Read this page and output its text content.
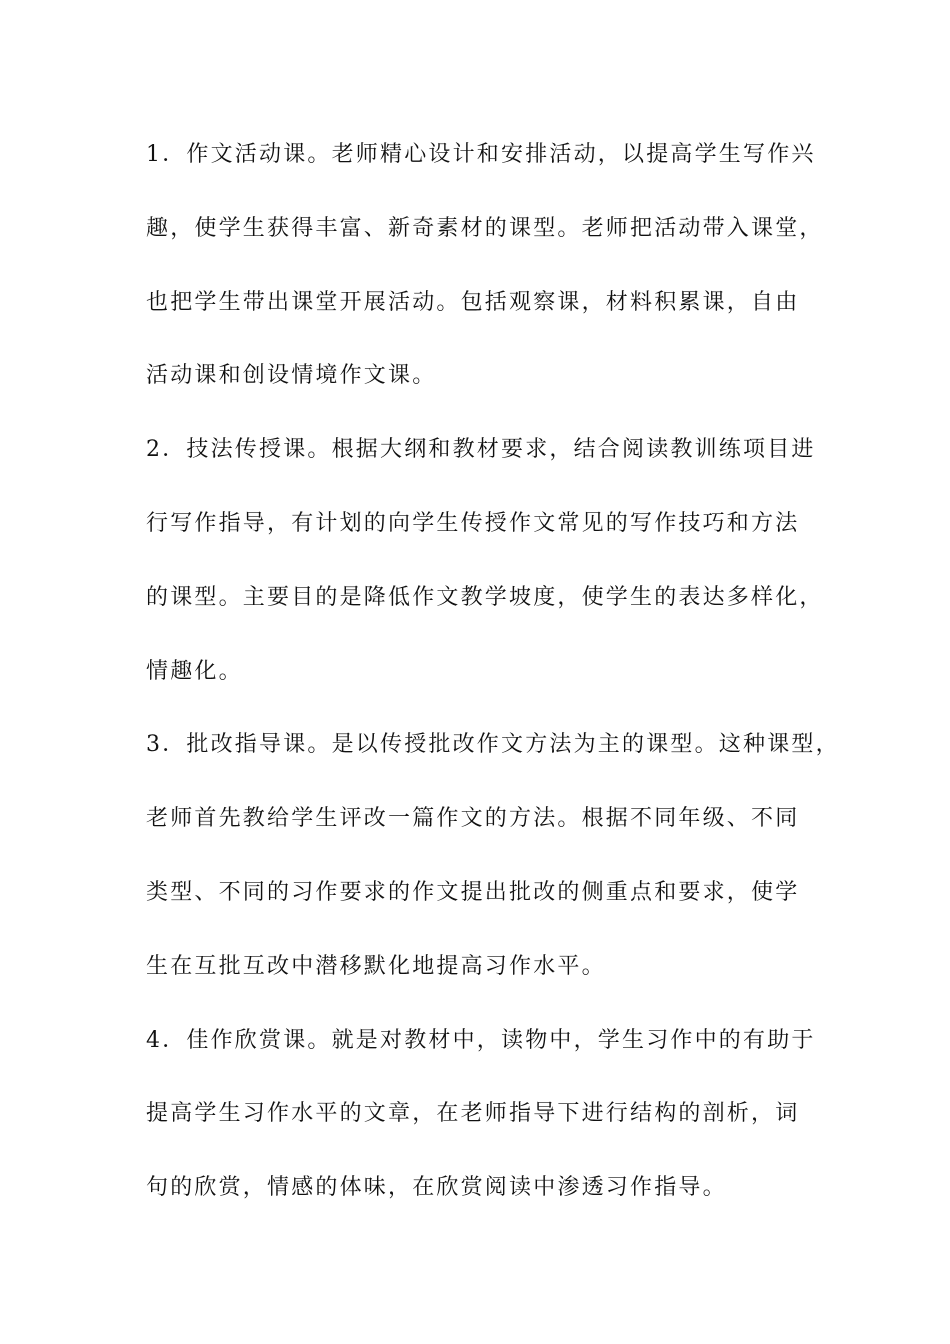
1．作文活动课。老师精心设计和安排活动，以提高学生写作兴
趣，使学生获得丰富、新奇素材的课型。老师把活动带入课堂，
也把学生带出课堂开展活动。包括观察课，材料积累课，自由
活动课和创设情境作文课。
2．技法传授课。根据大纲和教材要求，结合阅读教训练项目进
行写作指导，有计划的向学生传授作文常见的写作技巧和方法
的课型。主要目的是降低作文教学坡度，使学生的表达多样化，
情趣化。
3．批改指导课。是以传授批改作文方法为主的课型。这种课型，
老师首先教给学生评改一篇作文的方法。根据不同年级、不同
类型、不同的习作要求的作文提出批改的侧重点和要求，使学
生在互批互改中潜移默化地提高习作水平。
4．佳作欣赏课。就是对教材中，读物中，学生习作中的有助于
提高学生习作水平的文章，在老师指导下进行结构的剖析，词
句的欣赏，情感的体味，在欣赏阅读中渗透习作指导。
